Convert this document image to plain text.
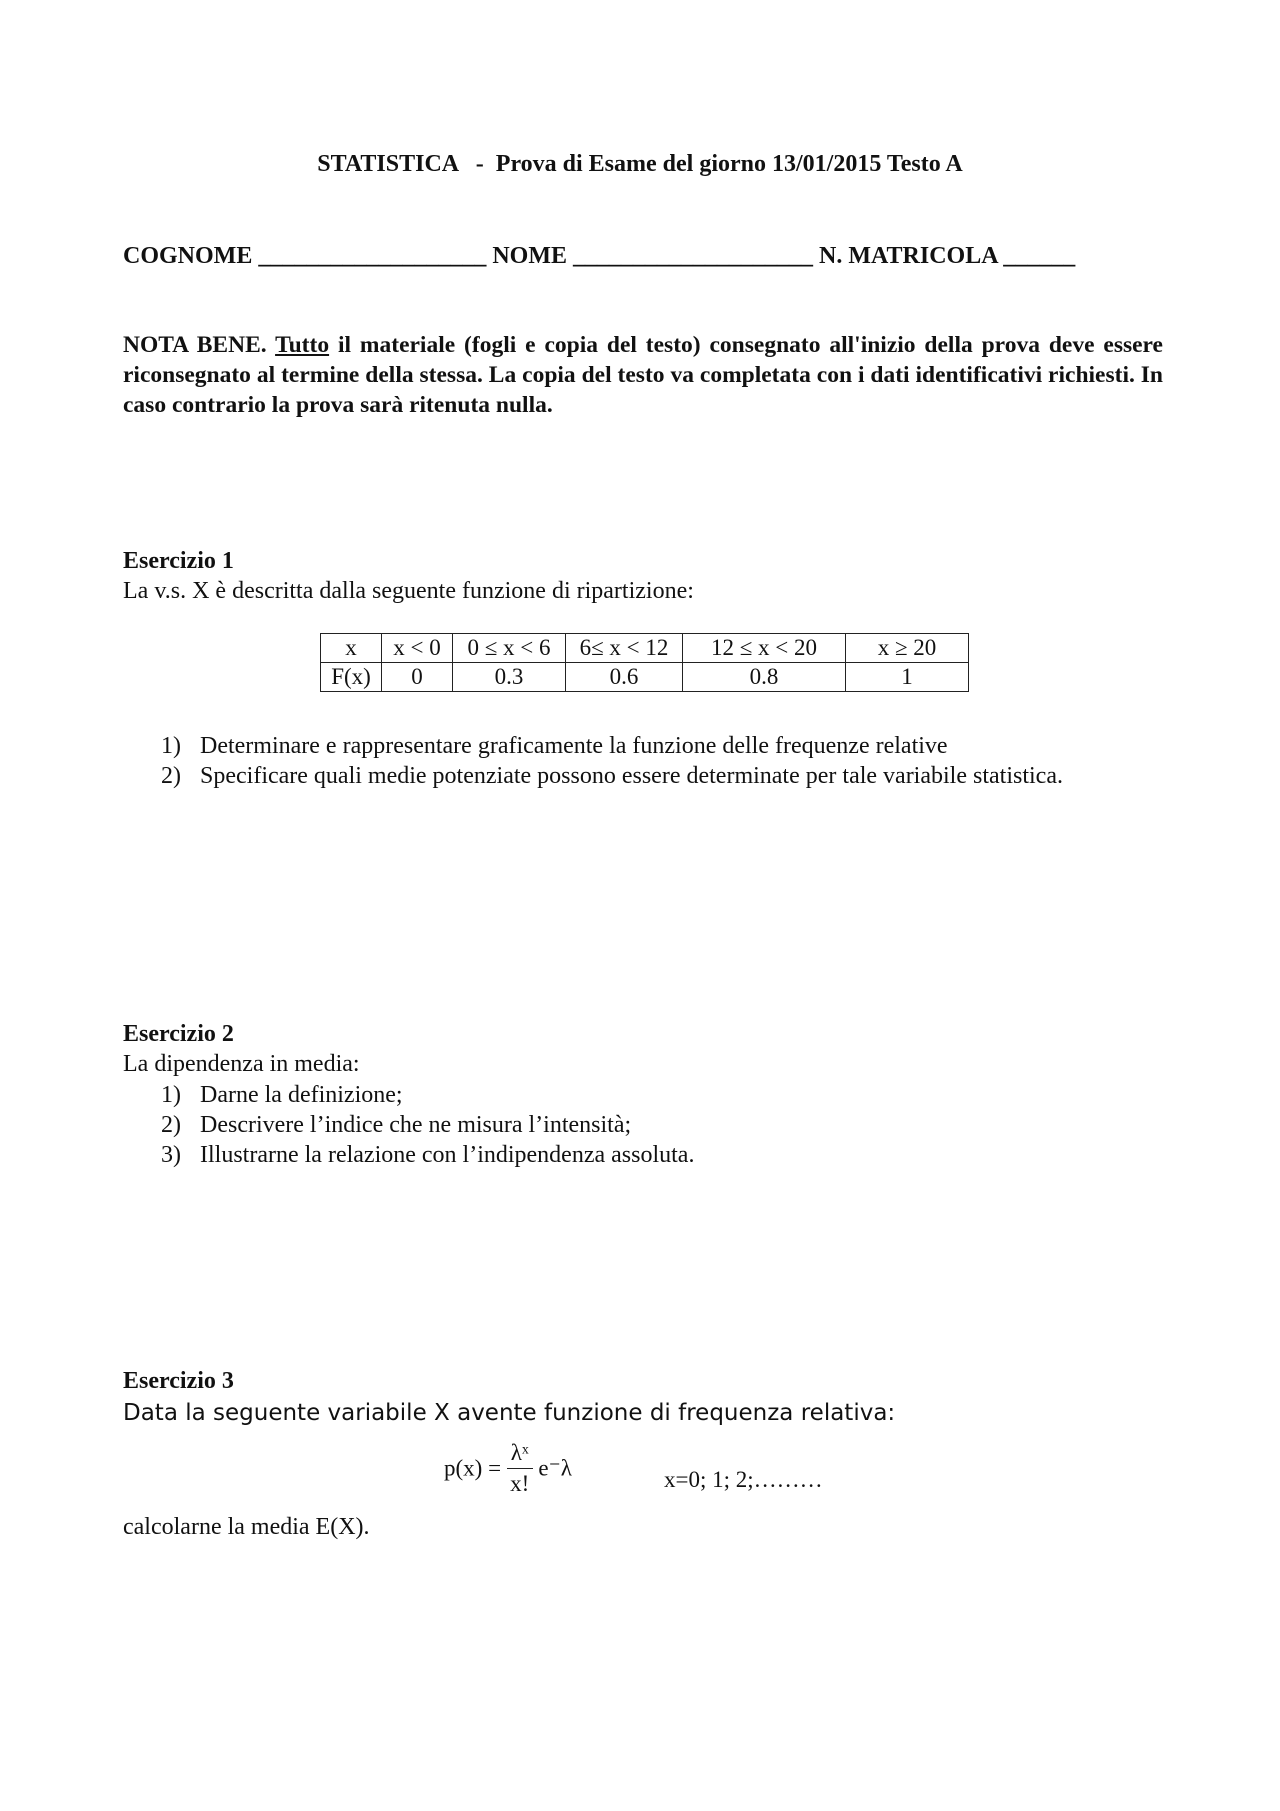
STATISTICA   -  Prova di Esame del giorno 13/01/2015 Testo A
COGNOME ___________________ NOME ____________________ N. MATRICOLA ______
NOTA BENE. Tutto il materiale (fogli e copia del testo) consegnato all'inizio della prova deve essere riconsegnato al termine della stessa. La copia del testo va completata con i dati identificativi richiesti. In caso contrario la prova sarà ritenuta nulla.
Esercizio 1
La v.s. X è descritta dalla seguente funzione di ripartizione:
x	x < 0	0 ≤ x < 6	6≤ x < 12	12 ≤ x < 20	x ≥ 20
F(x)	0	0.3	0.6	0.8	1
1) Determinare e rappresentare graficamente la funzione delle frequenze relative
2) Specificare quali medie potenziate possono essere determinate per tale variabile statistica.
Esercizio 2
La dipendenza in media:
1) Darne la definizione;
2) Descrivere l’indice che ne misura l’intensità;
3) Illustrarne la relazione con l’indipendenza assoluta.
Esercizio 3
Data la seguente variabile X avente funzione di frequenza relativa:
$p(x) = \frac{\text{λˣ}}{x!} e^-\lambda$	x=0; 1; 2;………
calcolarne la media E(X).
